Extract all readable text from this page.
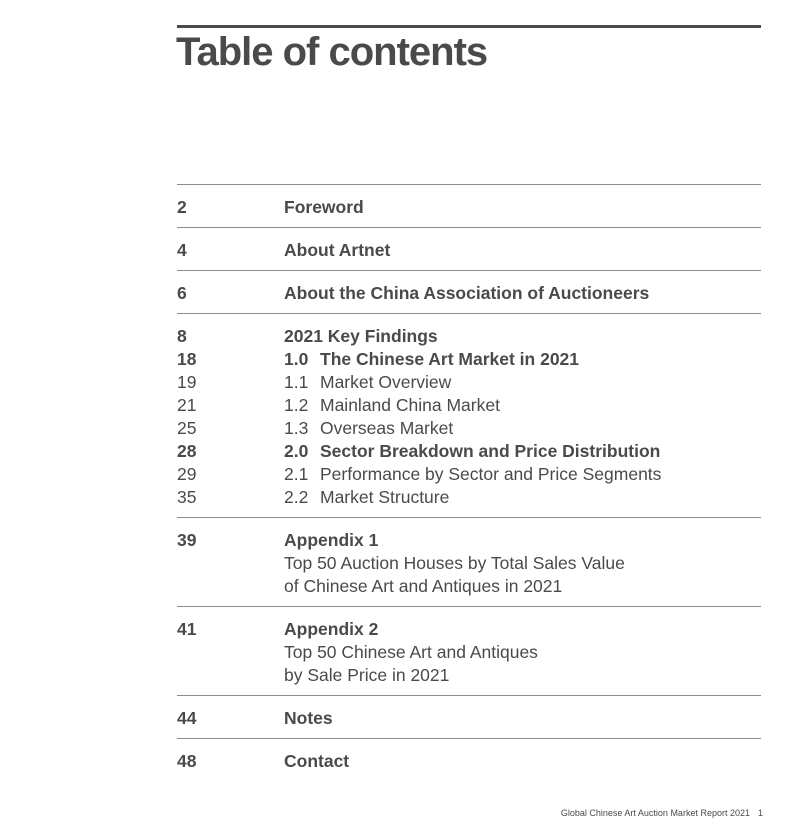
Table of contents
2	Foreword
4	About Artnet
6	About the China Association of Auctioneers
8	2021 Key Findings
18	1.0 The Chinese Art Market in 2021
19	1.1 Market Overview
21	1.2 Mainland China Market
25	1.3 Overseas Market
28	2.0 Sector Breakdown and Price Distribution
29	2.1 Performance by Sector and Price Segments
35	2.2 Market Structure
39	Appendix 1
Top 50 Auction Houses by Total Sales Value
of Chinese Art and Antiques in 2021
41	Appendix 2
Top 50 Chinese Art and Antiques
by Sale Price in 2021
44	Notes
48	Contact
Global Chinese Art Auction Market Report 2021 1
